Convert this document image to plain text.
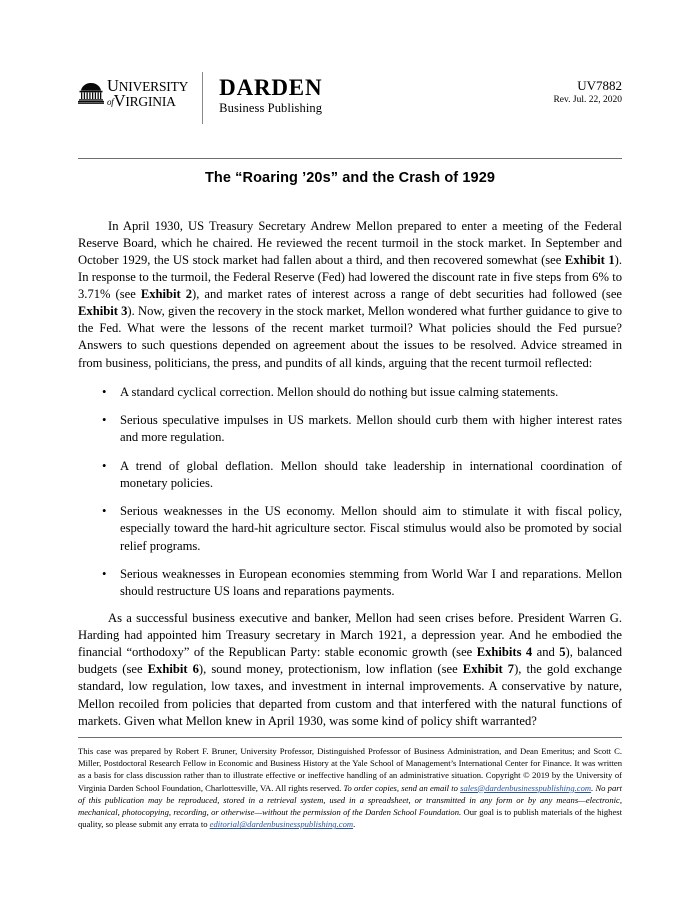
UNIVERSITY
ofVIRGINIA
DARDEN
Business Publishing
UV7882
Rev. Jul. 22, 2020
The “Roaring ’20s” and the Crash of 1929

In April 1930, US Treasury Secretary Andrew Mellon prepared to enter a meeting of the Federal Reserve Board, which he chaired. He reviewed the recent turmoil in the stock market. In September and October 1929, the US stock market had fallen about a third, and then recovered somewhat (see Exhibit 1). In response to the turmoil, the Federal Reserve (Fed) had lowered the discount rate in five steps from 6% to 3.71% (see Exhibit 2), and market rates of interest across a range of debt securities had followed (see Exhibit 3). Now, given the recovery in the stock market, Mellon wondered what further guidance to give to the Fed. What were the lessons of the recent market turmoil? What policies should the Fed pursue? Answers to such questions depended on agreement about the issues to be resolved. Advice streamed in from business, politicians, the press, and pundits of all kinds, arguing that the recent turmoil reflected:

• A standard cyclical correction. Mellon should do nothing but issue calming statements.
• Serious speculative impulses in US markets. Mellon should curb them with higher interest rates and more regulation.
• A trend of global deflation. Mellon should take leadership in international coordination of monetary policies.
• Serious weaknesses in the US economy. Mellon should aim to stimulate it with fiscal policy, especially toward the hard-hit agriculture sector. Fiscal stimulus would also be promoted by social relief programs.
• Serious weaknesses in European economies stemming from World War I and reparations. Mellon should restructure US loans and reparations payments.

As a successful business executive and banker, Mellon had seen crises before. President Warren G. Harding had appointed him Treasury secretary in March 1921, a depression year. And he embodied the financial “orthodoxy” of the Republican Party: stable economic growth (see Exhibits 4 and 5), balanced budgets (see Exhibit 6), sound money, protectionism, low inflation (see Exhibit 7), the gold exchange standard, low regulation, low taxes, and investment in internal improvements. A conservative by nature, Mellon recoiled from policies that departed from custom and that interfered with the natural functions of markets. Given what Mellon knew in April 1930, was some kind of policy shift warranted?

This case was prepared by Robert F. Bruner, University Professor, Distinguished Professor of Business Administration, and Dean Emeritus; and Scott C. Miller, Postdoctoral Research Fellow in Economic and Business History at the Yale School of Management’s International Center for Finance. It was written as a basis for class discussion rather than to illustrate effective or ineffective handling of an administrative situation. Copyright © 2019 by the University of Virginia Darden School Foundation, Charlottesville, VA. All rights reserved. To order copies, send an email to sales@dardenbusinesspublishing.com. No part of this publication may be reproduced, stored in a retrieval system, used in a spreadsheet, or transmitted in any form or by any means—electronic, mechanical, photocopying, recording, or otherwise—without the permission of the Darden School Foundation. Our goal is to publish materials of the highest quality, so please submit any errata to editorial@dardenbusinesspublishing.com.
